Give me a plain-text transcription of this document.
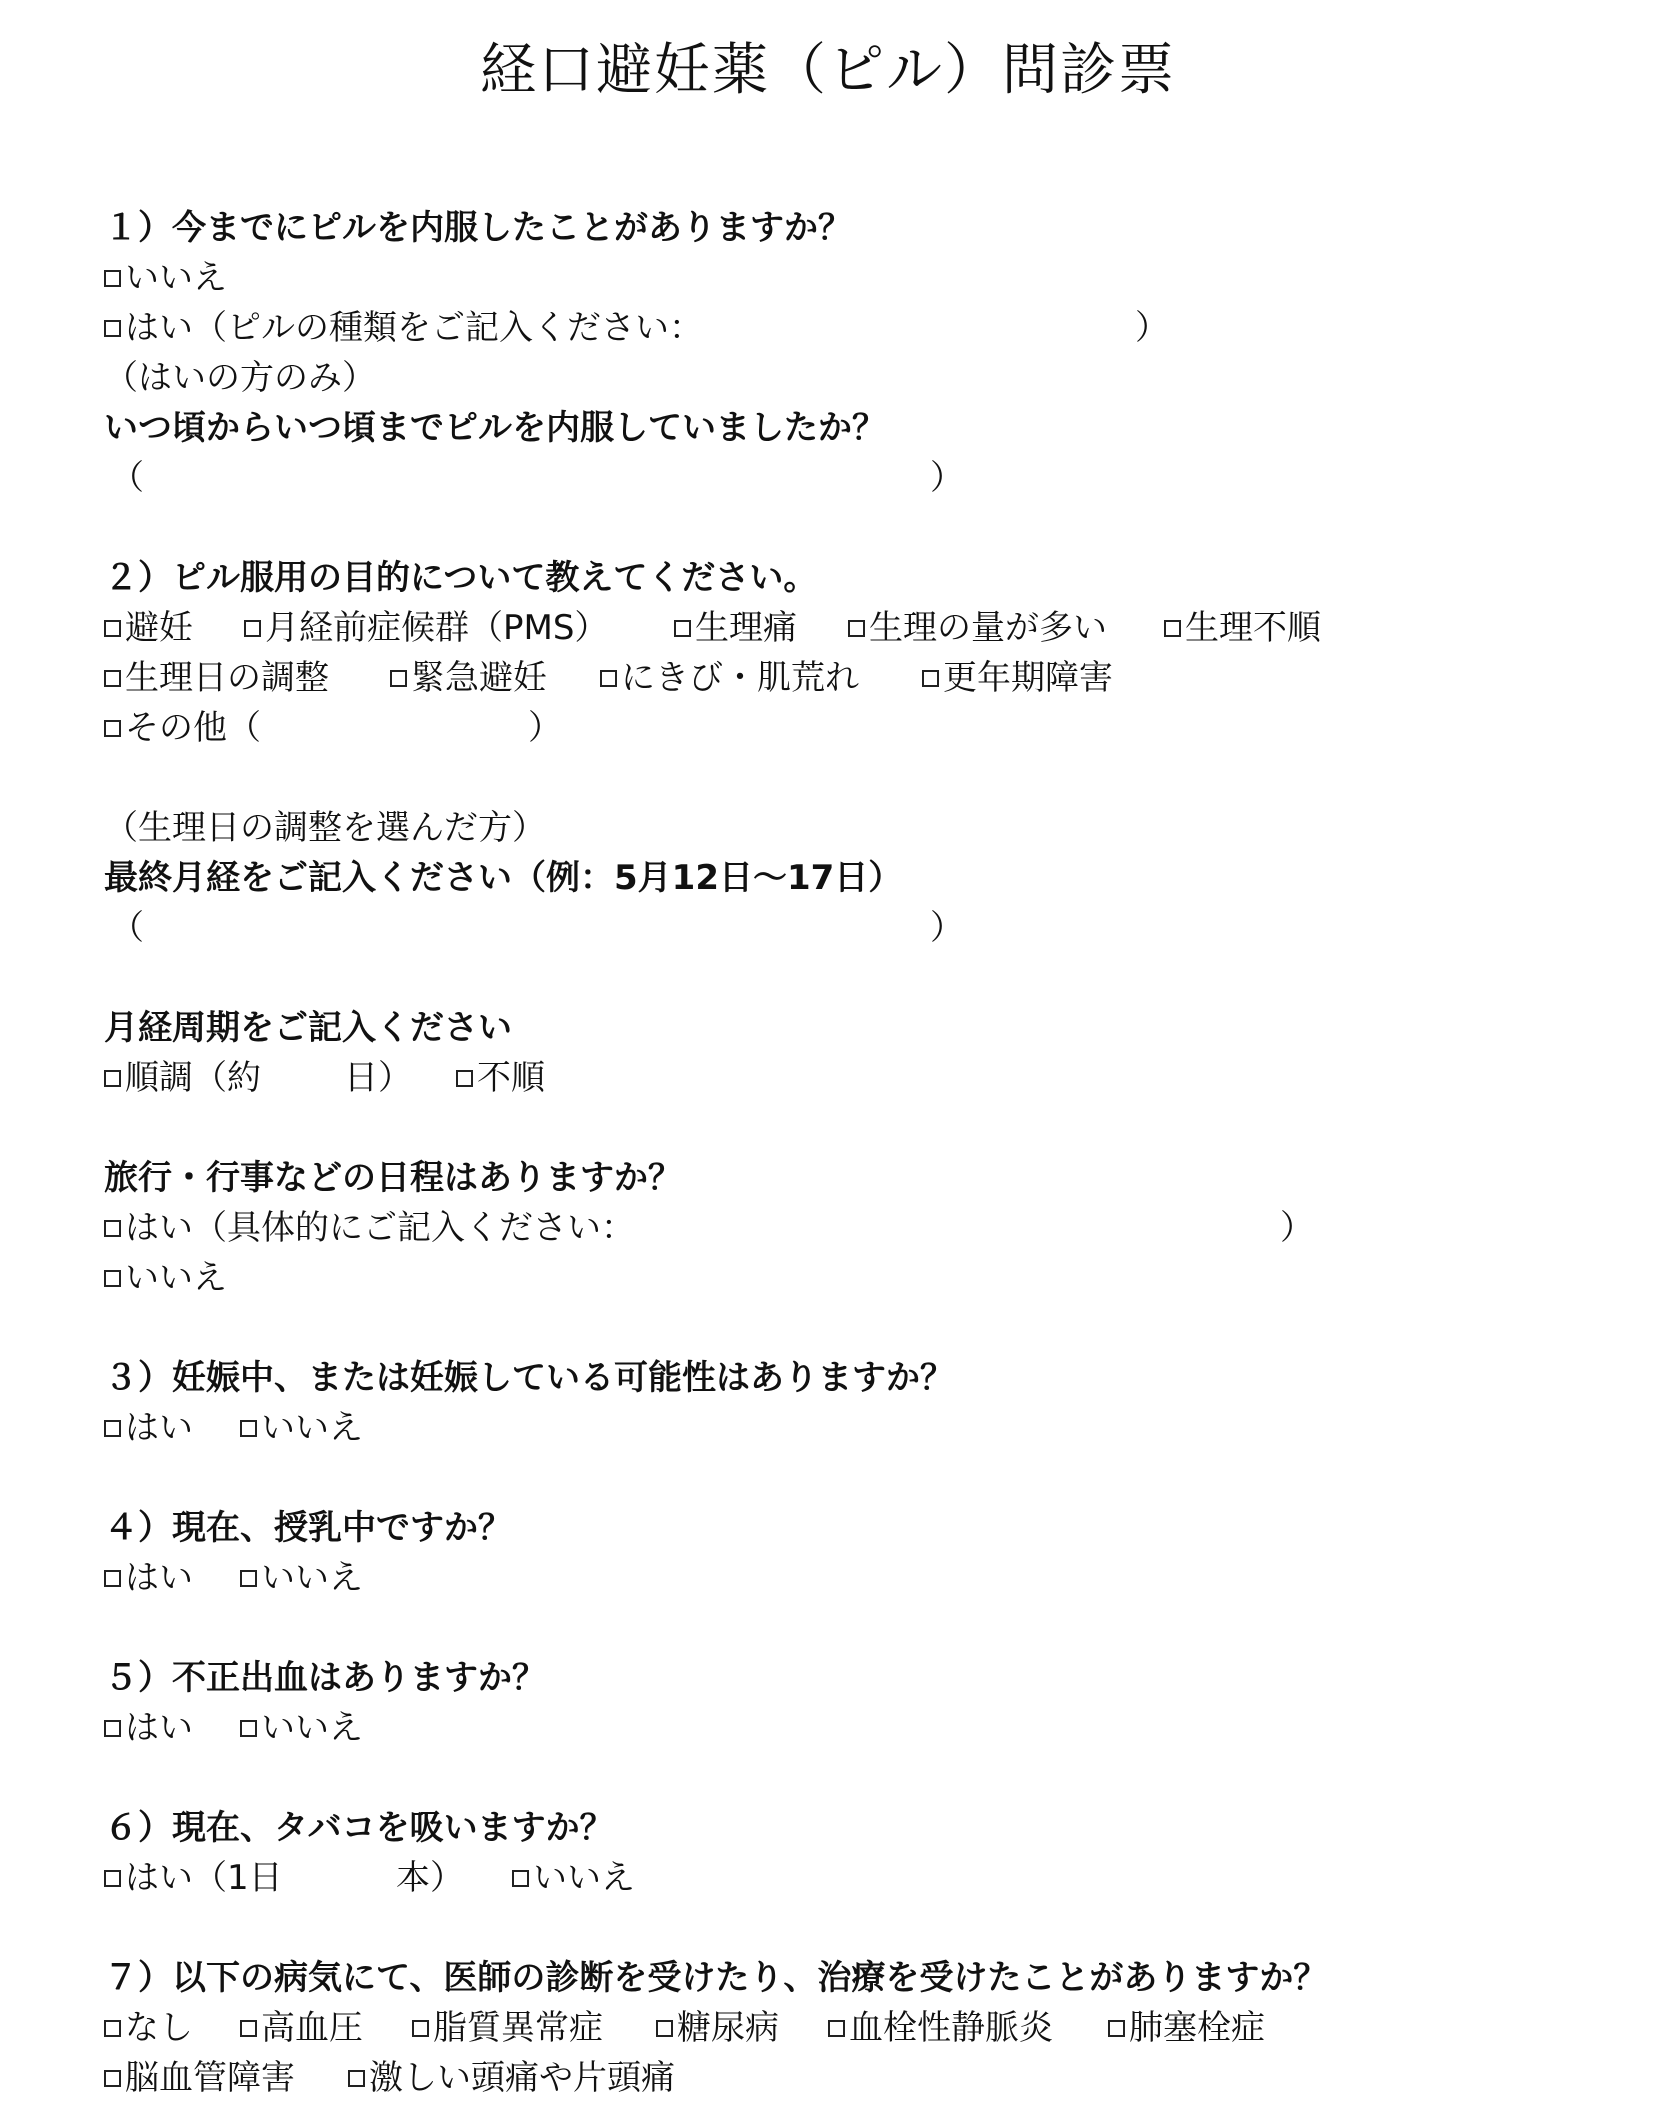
経口避妊薬（ピル）問診票
１）今までにピルを内服したことがありますか？
いいえ
はい（ピルの種類をご記入ください：	）
（はいの方のみ）
いつ頃からいつ頃までピルを内服していましたか？
（	）
２）ピル服用の目的について教えてください。
避妊 月経前症候群（PMS）	生理痛 生理の量が多い 生理不順
生理日の調整 緊急避妊 にきび・肌荒れ 更年期障害
その他（	）
（生理日の調整を選んだ方）
最終月経をご記入ください（例：5月12日〜17日）
（	）
月経周期をご記入ください
順調（約 日） 不順
旅行・行事などの日程はありますか？
はい（具体的にご記入ください：	）
いいえ
３）妊娠中、または妊娠している可能性はありますか？
はい いいえ
４）現在、授乳中ですか？
はい いいえ
５）不正出血はありますか？
はい いいえ
６）現在、タバコを吸いますか？
はい（1日	本） いいえ
７）以下の病気にて、医師の診断を受けたり、治療を受けたことがありますか？
なし 高血圧 脂質異常症 糖尿病 血栓性静脈炎 肺塞栓症
脳血管障害 激しい頭痛や片頭痛
